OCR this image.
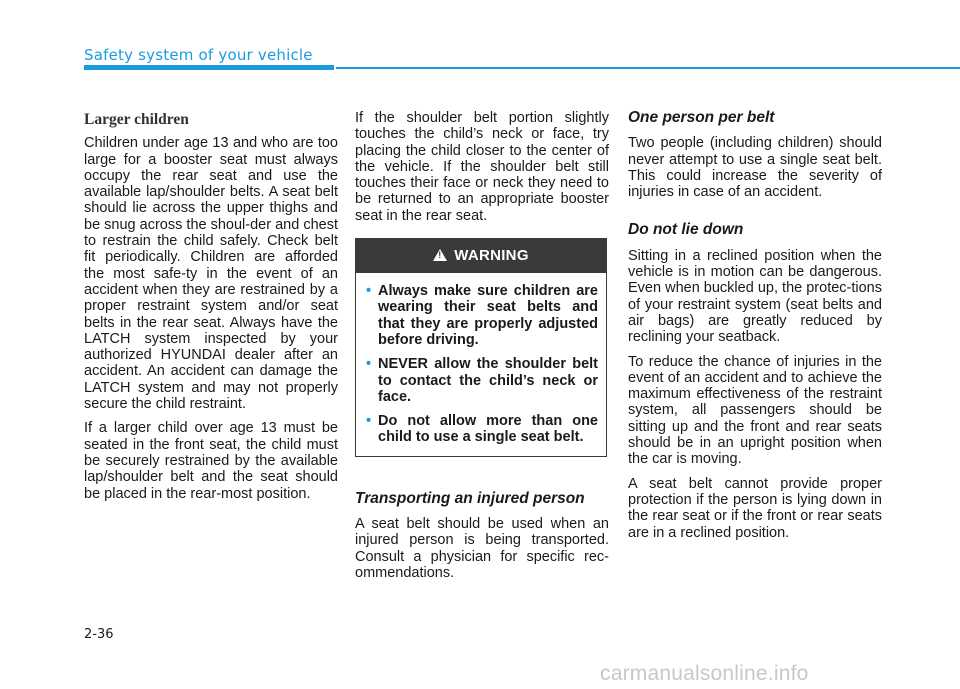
Safety system of your vehicle
Larger children

Children under age 13 and who are too large for a booster seat must always occupy the rear seat and use the available lap/shoulder belts. A seat belt should lie across the upper thighs and be snug across the shoul-der and chest to restrain the child safely. Check belt fit periodically. Children are afforded the most safe-ty in the event of an accident when they are restrained by a proper restraint system and/or seat belts in the rear seat. Always have the LATCH system inspected by your authorized HYUNDAI dealer after an accident. An accident can damage the LATCH system and may not properly secure the child restraint.

If a larger child over age 13 must be seated in the front seat, the child must be securely restrained by the available lap/shoulder belt and the seat should be placed in the rear-most position.

If the shoulder belt portion slightly touches the child’s neck or face, try placing the child closer to the center of the vehicle. If the shoulder belt still touches their face or neck they need to be returned to an appropriate booster seat in the rear seat.

!
WARNING
• Always make sure children are wearing their seat belts and that they are properly adjusted before driving.
• NEVER allow the shoulder belt to contact the child’s neck or face.
• Do not allow more than one child to use a single seat belt.
Transporting an injured person

A seat belt should be used when an injured person is being transported. Consult a physician for specific rec-ommendations.

One person per belt

Two people (including children) should never attempt to use a single seat belt. This could increase the severity of injuries in case of an accident.

Do not lie down

Sitting in a reclined position when the vehicle is in motion can be dangerous. Even when buckled up, the protec-tions of your restraint system (seat belts and air bags) are greatly reduced by reclining your seatback.

To reduce the chance of injuries in the event of an accident and to achieve the maximum effectiveness of the restraint system, all passengers should be sitting up and the front and rear seats should be in an upright position when the car is moving.

A seat belt cannot provide proper protection if the person is lying down in the rear seat or if the front or rear seats are in a reclined position.

2-36
carmanualsonline.info
